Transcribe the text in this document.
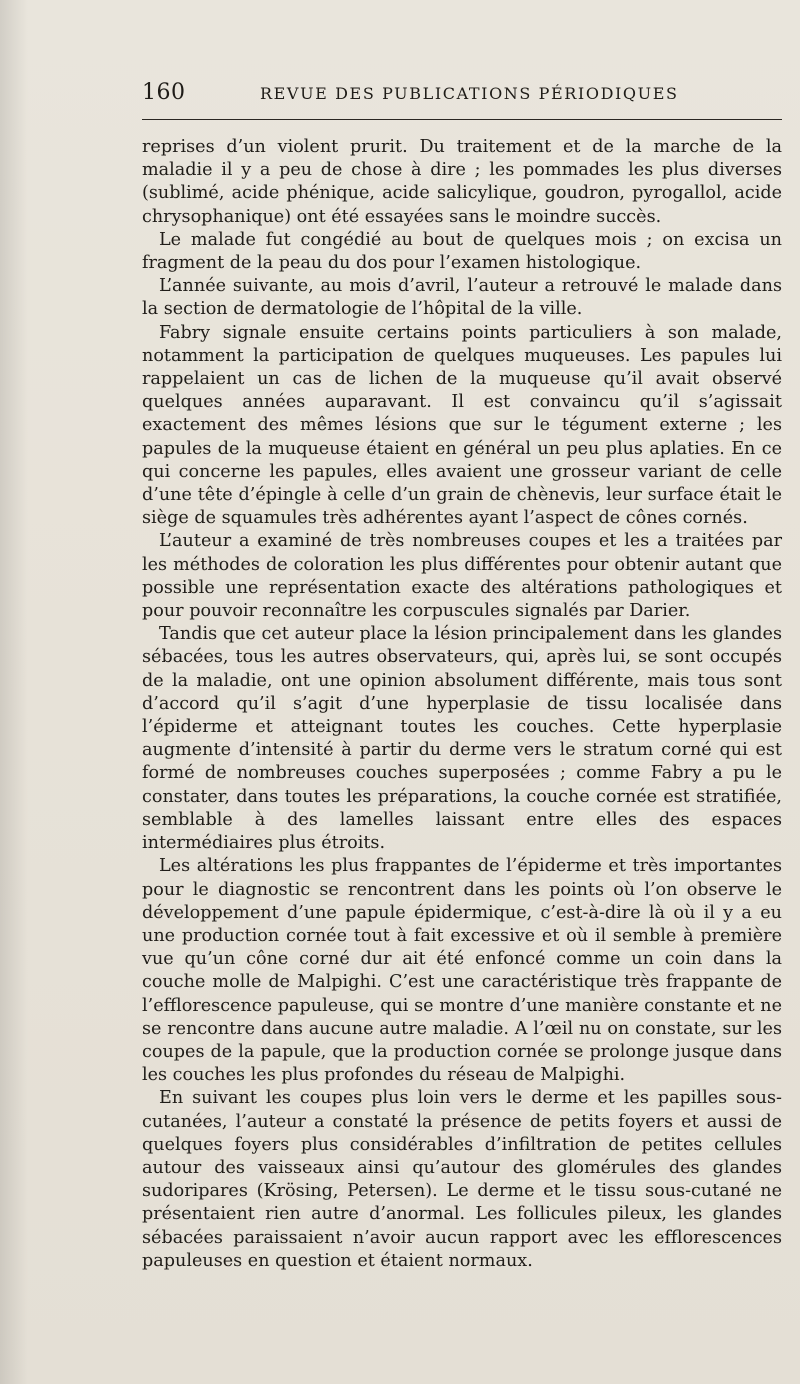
160	REVUE DES PUBLICATIONS PÉRIODIQUES

reprises d’un violent prurit. Du traitement et de la marche de la maladie il y a peu de chose à dire ; les pommades les plus diverses (sublimé, acide phénique, acide salicylique, goudron, pyrogallol, acide chrysophanique) ont été essayées sans le moindre succès.

Le malade fut congédié au bout de quelques mois ; on excisa un fragment de la peau du dos pour l’examen histologique.

L’année suivante, au mois d’avril, l’auteur a retrouvé le malade dans la section de dermatologie de l’hôpital de la ville.

Fabry signale ensuite certains points particuliers à son malade, notamment la participation de quelques muqueuses. Les papules lui rappelaient un cas de lichen de la muqueuse qu’il avait observé quelques années auparavant. Il est convaincu qu’il s’agissait exactement des mêmes lésions que sur le tégument externe ; les papules de la muqueuse étaient en général un peu plus aplaties. En ce qui concerne les papules, elles avaient une grosseur variant de celle d’une tête d’épingle à celle d’un grain de chènevis, leur surface était le siège de squamules très adhérentes ayant l’aspect de cônes cornés.

L’auteur a examiné de très nombreuses coupes et les a traitées par les méthodes de coloration les plus différentes pour obtenir autant que possible une représentation exacte des altérations pathologiques et pour pouvoir reconnaître les corpuscules signalés par Darier.

Tandis que cet auteur place la lésion principalement dans les glandes sébacées, tous les autres observateurs, qui, après lui, se sont occupés de la maladie, ont une opinion absolument différente, mais tous sont d’accord qu’il s’agit d’une hyperplasie de tissu localisée dans l’épiderme et atteignant toutes les couches. Cette hyperplasie augmente d’intensité à partir du derme vers le stratum corné qui est formé de nombreuses couches superposées ; comme Fabry a pu le constater, dans toutes les préparations, la couche cornée est stratifiée, semblable à des lamelles laissant entre elles des espaces intermédiaires plus étroits.

Les altérations les plus frappantes de l’épiderme et très importantes pour le diagnostic se rencontrent dans les points où l’on observe le développement d’une papule épidermique, c’est-à-dire là où il y a eu une production cornée tout à fait excessive et où il semble à première vue qu’un cône corné dur ait été enfoncé comme un coin dans la couche molle de Malpighi. C’est une caractéristique très frappante de l’efflorescence papuleuse, qui se montre d’une manière constante et ne se rencontre dans aucune autre maladie. A l’œil nu on constate, sur les coupes de la papule, que la production cornée se prolonge jusque dans les couches les plus profondes du réseau de Malpighi.

En suivant les coupes plus loin vers le derme et les papilles sous-cutanées, l’auteur a constaté la présence de petits foyers et aussi de quelques foyers plus considérables d’infiltration de petites cellules autour des vaisseaux ainsi qu’autour des glomérules des glandes sudoripares (Krösing, Petersen). Le derme et le tissu sous-cutané ne présentaient rien autre d’anormal. Les follicules pileux, les glandes sébacées paraissaient n’avoir aucun rapport avec les efflorescences papuleuses en question et étaient normaux.
